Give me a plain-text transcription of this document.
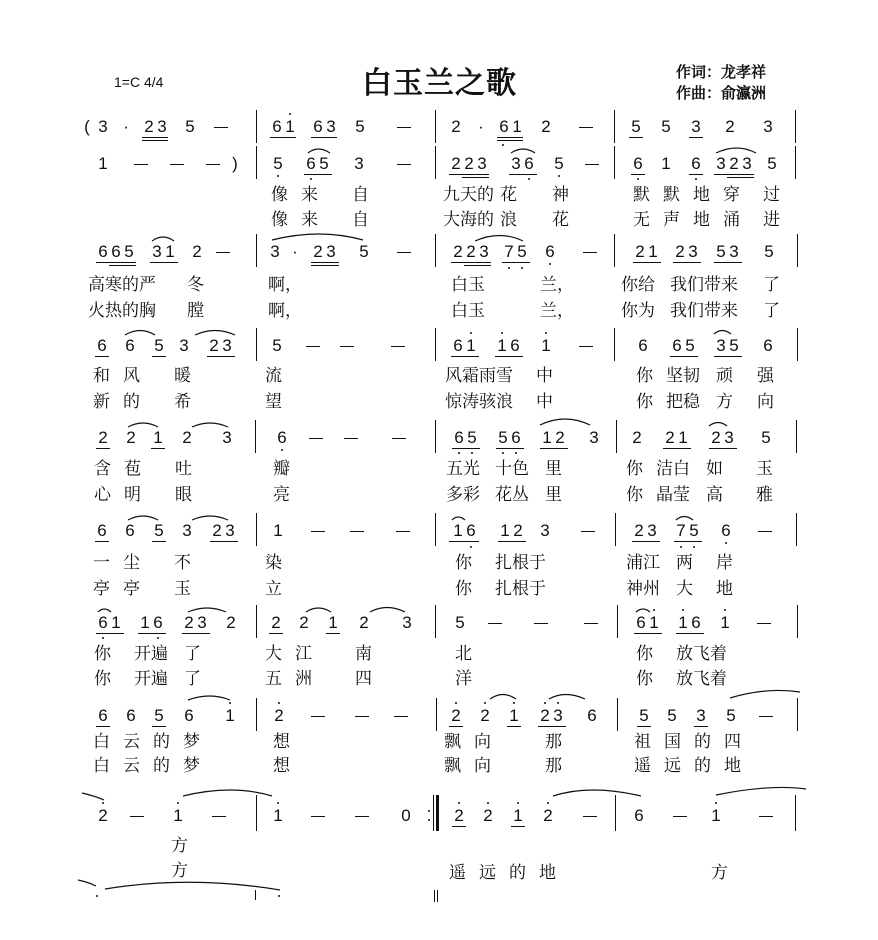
1=C 4/4	白玉兰之歌	作词：龙孝祥
作曲：俞瀛洲
( 3 · 2 3 5	6 1 6 3 5	2 · 6 1 2	5 5 3 2 3
1	) 5 6 5 3	2 2 3 3 6 5	6 1 6 3 2 3 5
像 来 自	九天的 花 神	默 默 地 穿 过
像 来 自	大海的 浪 花	无 声 地 涌 进
6 6 5 3 1 2	3 · 2 3 5	2 2 3 7 5 6	2 1 2 3 5 3 5
高寒的严 冬	啊，	白玉	兰，	你给 我们带来 了
火热的胸 膛	啊，	白玉	兰，	你为 我们带来 了
6 6 5 3 2 3 5	6 1 1 6 1	6 6 5 3 5 6
和 风 暖	流	风霜雨雪 中	你 坚韧 顽 强
新 的 希	望	惊涛骇浪 中	你 把稳 方 向
2 2 1 2 3	6	6 5 5 6 1 2 3 2 2 1 2 3 5
含 苞 吐	瓣	五光 十色 里	你 洁白 如 玉
心 明 眼	亮	多彩 花丛 里	你 晶莹 高 雅
6 6 5 3 2 3 1	1 6 1 2 3	2 3 7 5 6
一 尘 不	染	你 扎根于	浦江 两 岸
亭 亭 玉	立	你 扎根于	神州 大 地
6 1 1 6 2 3 2 2 2 1 2 3	5	6 1 1 6 1
你 开遍 了	大 江	南	北	你 放飞着
你 开遍 了	五 洲	四	洋	你 放飞着
6 6 5 6 1 2	2 2 1 2 3 6	5 5 3 5
白 云 的 梦	想	飘 向	那	祖 国 的 四
白 云 的 梦	想	飘 向	那	遥 远 的 地
2	1	1	0	2 2 1 2	6	1
方
方	遥 远 的 地	方
